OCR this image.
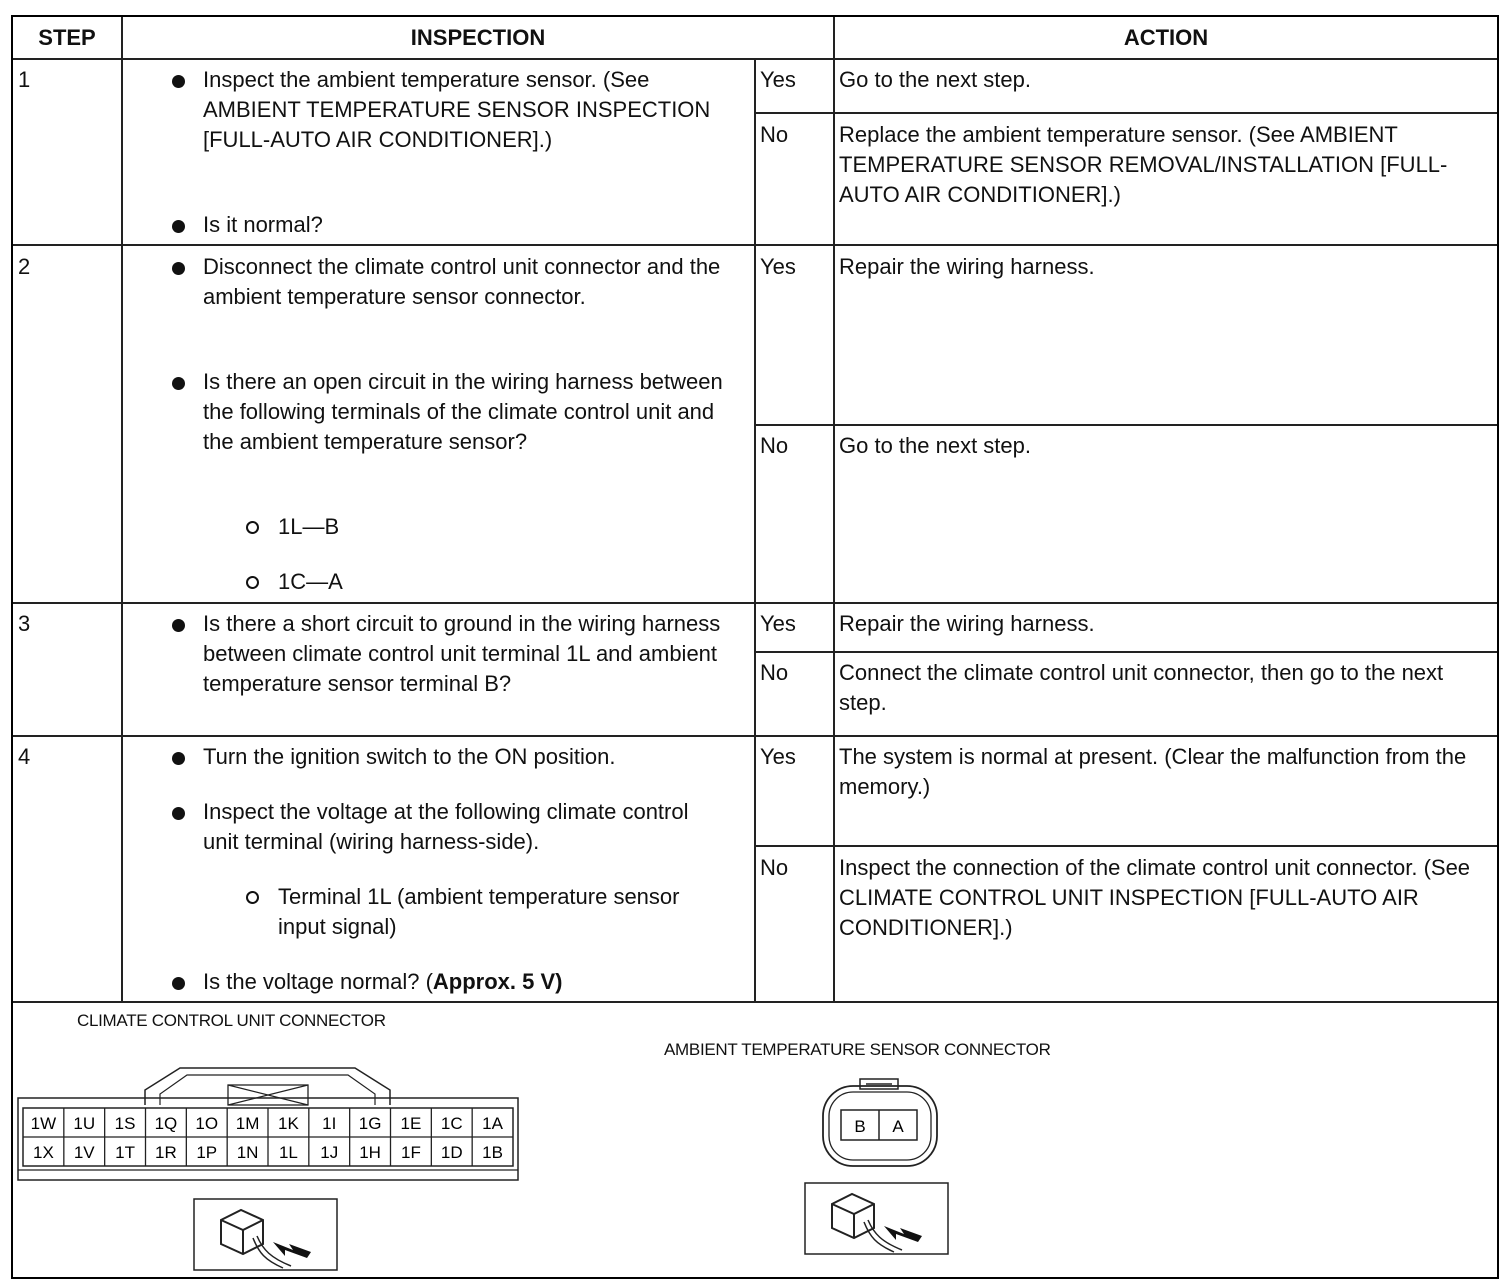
STEP	INSPECTION	ACTION
1	Inspect the ambient temperature sensor. (See AMBIENT TEMPERATURE SENSOR INSPECTION [FULL-AUTO AIR CONDITIONER].)
Is it normal?
Yes Go to the next step.
No Replace the ambient temperature sensor. (See AMBIENT TEMPERATURE SENSOR REMOVAL/INSTALLATION [FULL-AUTO AIR CONDITIONER].)
2	Disconnect the climate control unit connector and the ambient temperature sensor connector.
Is there an open circuit in the wiring harness between the following terminals of the climate control unit and the ambient temperature sensor?
1L—B
1C—A
Yes Repair the wiring harness.
No Go to the next step.
3	Is there a short circuit to ground in the wiring harness between climate control unit terminal 1L and ambient temperature sensor terminal B?
Yes Repair the wiring harness.
No Connect the climate control unit connector, then go to the next step.
4	Turn the ignition switch to the ON position.
Inspect the voltage at the following climate control unit terminal (wiring harness-side).
Terminal 1L (ambient temperature sensor input signal)
Is the voltage normal? (Approx. 5 V)
Yes The system is normal at present. (Clear the malfunction from the memory.)
No Inspect the connection of the climate control unit connector. (See CLIMATE CONTROL UNIT INSPECTION [FULL-AUTO AIR CONDITIONER].)
CLIMATE CONTROL UNIT CONNECTOR
AMBIENT TEMPERATURE SENSOR CONNECTOR
1W 1U 1S 1Q 1O 1M 1K 1I 1G 1E 1C 1A
1X 1V 1T 1R 1P 1N 1L 1J 1H 1F 1D 1B
B A
